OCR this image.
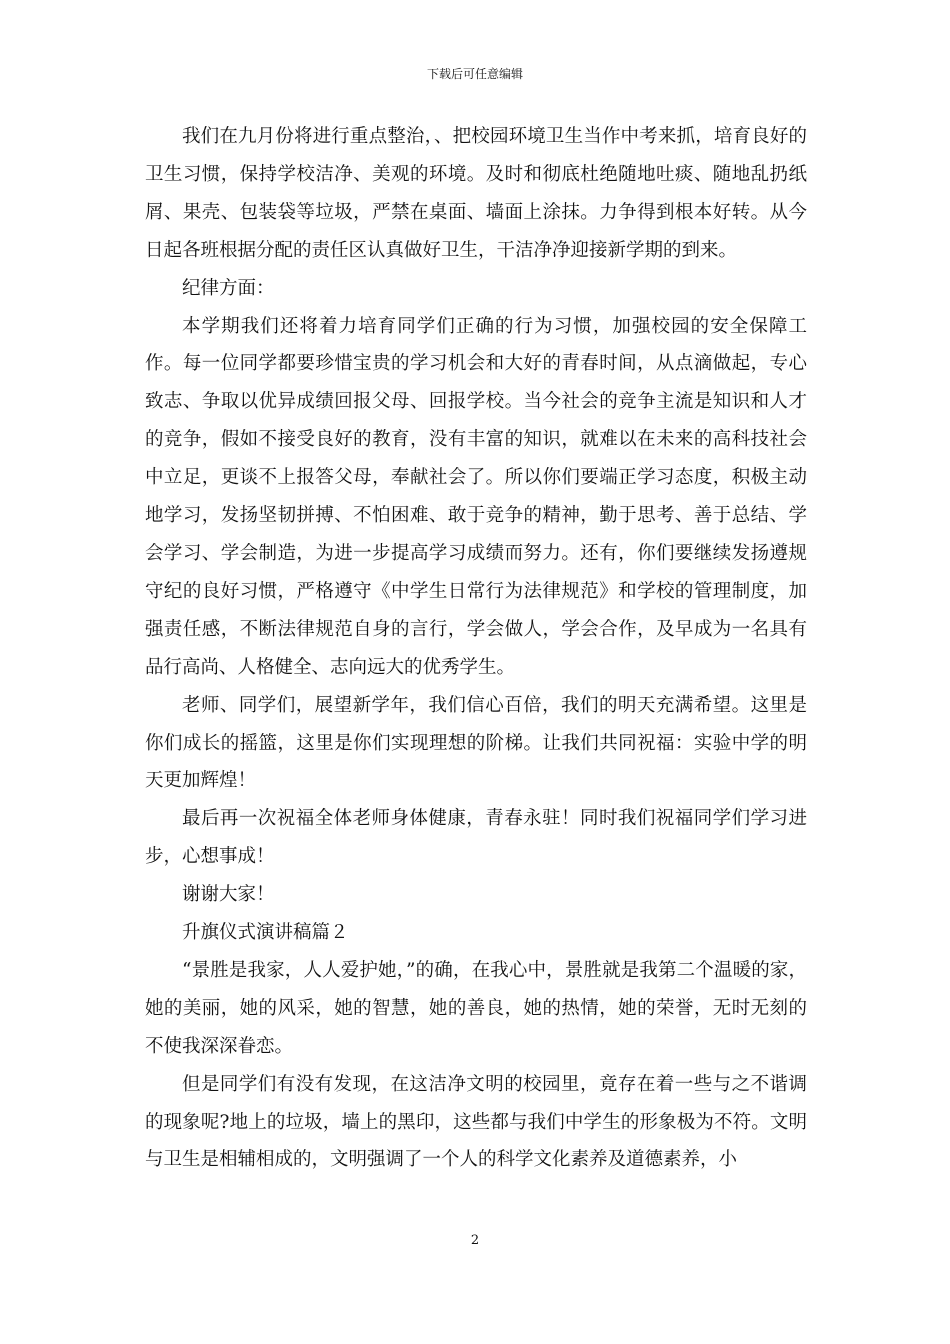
下载后可任意编辑

我们在九月份将进行重点整治，、把校园环境卫生当作中考来抓，培育良好的卫生习惯，保持学校洁净、美观的环境。及时和彻底杜绝随地吐痰、随地乱扔纸屑、果壳、包装袋等垃圾，严禁在桌面、墙面上涂抹。力争得到根本好转。从今日起各班根据分配的责任区认真做好卫生，干洁净净迎接新学期的到来。

纪律方面：

本学期我们还将着力培育同学们正确的行为习惯，加强校园的安全保障工作。每一位同学都要珍惜宝贵的学习机会和大好的青春时间，从点滴做起，专心致志、争取以优异成绩回报父母、回报学校。当今社会的竞争主流是知识和人才的竞争，假如不接受良好的教育，没有丰富的知识，就难以在未来的高科技社会中立足，更谈不上报答父母，奉献社会了。所以你们要端正学习态度，积极主动地学习，发扬坚韧拼搏、不怕困难、敢于竞争的精神，勤于思考、善于总结、学会学习、学会制造，为进一步提高学习成绩而努力。还有，你们要继续发扬遵规守纪的良好习惯，严格遵守《中学生日常行为法律规范》和学校的管理制度，加强责任感，不断法律规范自身的言行，学会做人，学会合作，及早成为一名具有品行高尚、人格健全、志向远大的优秀学生。

老师、同学们，展望新学年，我们信心百倍，我们的明天充满希望。这里是你们成长的摇篮，这里是你们实现理想的阶梯。让我们共同祝福：实验中学的明天更加辉煌！

最后再一次祝福全体老师身体健康，青春永驻！同时我们祝福同学们学习进步，心想事成！

谢谢大家！

升旗仪式演讲稿篇２

“景胜是我家，人人爱护她，”的确，在我心中，景胜就是我第二个温暖的家，她的美丽，她的风采，她的智慧，她的善良，她的热情，她的荣誉，无时无刻的不使我深深眷恋。

但是同学们有没有发现，在这洁净文明的校园里，竟存在着一些与之不谐调的现象呢?地上的垃圾，墙上的黑印，这些都与我们中学生的形象极为不符。文明与卫生是相辅相成的，文明强调了一个人的科学文化素养及道德素养，小

2
